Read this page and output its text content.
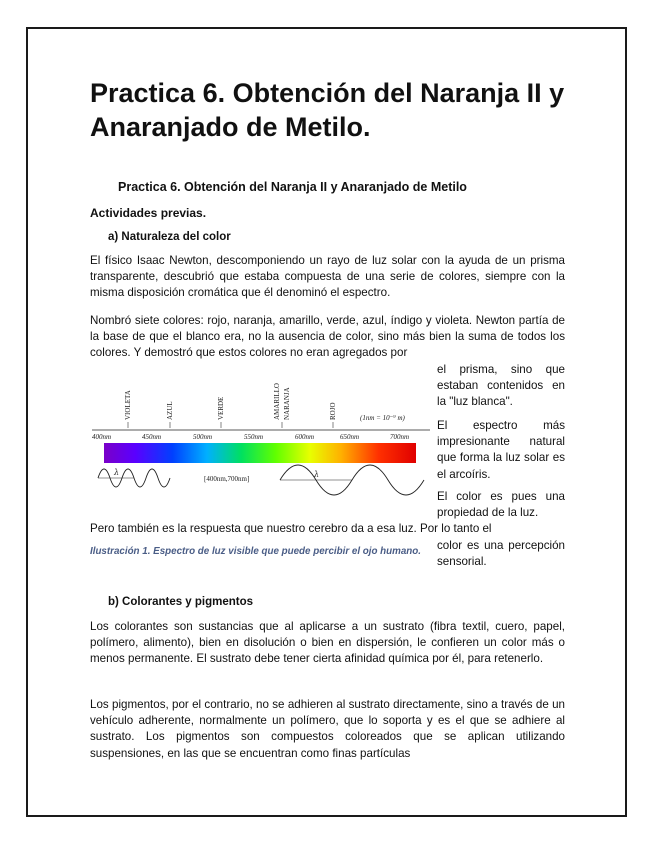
Practica 6. Obtención del Naranja II y Anaranjado de Metilo.
Practica 6. Obtención del Naranja II y Anaranjado de Metilo
Actividades previas.
a) Naturaleza del color

El físico Isaac Newton, descomponiendo un rayo de luz solar con la ayuda de un prisma transparente, descubrió que estaba compuesta de una serie de colores, siempre con la misma disposición cromática que él denominó el espectro.

Nombró siete colores: rojo, naranja, amarillo, verde, azul, índigo y violeta. Newton partía de la base de que el blanco era, no la ausencia de color, sino más bien la suma de todos los colores. Y demostró que estos colores no eran agregados por

el prisma, sino que estaban contenidos en la "luz blanca".

El espectro más impresionante natural que forma la luz solar es el arcoíris.

El color es pues una propiedad de la luz.

Pero también es la respuesta que nuestro cerebro da a esa luz. Por lo tanto el

color es una percepción sensorial.

Ilustración 1. Espectro de luz visible que puede percibir el ojo humano.

VIOLETA	AZUL	VERDE	AMARILLO NARANJA	ROJO	(1nm = 10⁻⁹ m)
400nm	450nm	500nm	550nm	600nm	650nm	700nm
λ
[400nm,700nm]	λ
b) Colorantes y pigmentos

Los colorantes son sustancias que al aplicarse a un sustrato (fibra textil, cuero, papel, polímero, alimento), bien en disolución o bien en dispersión, le confieren un color más o menos permanente. El sustrato debe tener cierta afinidad química por él, para retenerlo.

Los pigmentos, por el contrario, no se adhieren al sustrato directamente, sino a través de un vehículo adherente, normalmente un polímero, que lo soporta y es el que se adhiere al sustrato. Los pigmentos son compuestos coloreados que se aplican utilizando suspensiones, en las que se encuentran como finas partículas
